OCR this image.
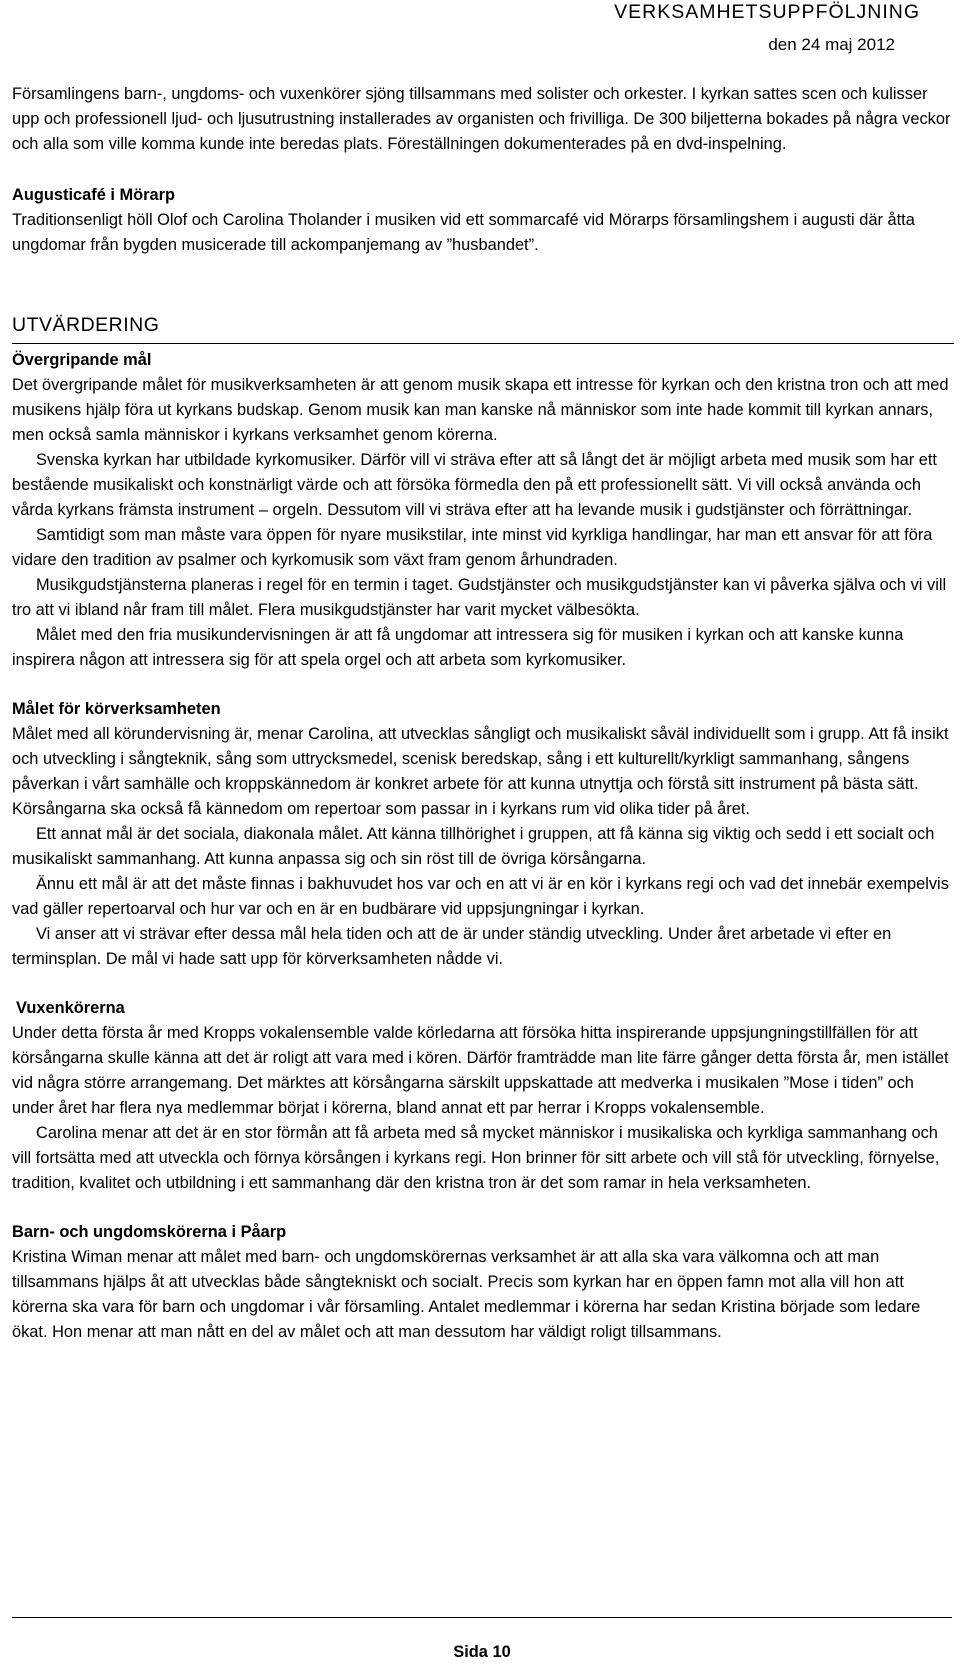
VERKSAMHETSUPPFÖLJNING
den 24 maj 2012

Församlingens barn-, ungdoms- och vuxenkörer sjöng tillsammans med solister och orkester. I kyrkan sattes scen och kulisser upp och professionell ljud- och ljusutrustning installerades av organisten och frivilliga. De 300 biljetterna bokades på några veckor och alla som ville komma kunde inte beredas plats. Föreställningen dokumenterades på en dvd-inspelning.

Augusticafé i Mörarp

Traditionsenligt höll Olof och Carolina Tholander i musiken vid ett sommarcafé vid Mörarps församlingshem i augusti där åtta ungdomar från bygden musicerade till ackompanjemang av ”husbandet”.

UTVÄRDERING

Övergripande mål

Det övergripande målet för musikverksamheten är att genom musik skapa ett intresse för kyrkan och den kristna tron och att med musikens hjälp föra ut kyrkans budskap. Genom musik kan man kanske nå människor som inte hade kommit till kyrkan annars, men också samla människor i kyrkans verksamhet genom körerna.

Svenska kyrkan har utbildade kyrkomusiker. Därför vill vi sträva efter att så långt det är möjligt arbeta med musik som har ett bestående musikaliskt och konstnärligt värde och att försöka förmedla den på ett professionellt sätt. Vi vill också använda och vårda kyrkans främsta instrument – orgeln. Dessutom vill vi sträva efter att ha levande musik i gudstjänster och förrättningar.

Samtidigt som man måste vara öppen för nyare musikstilar, inte minst vid kyrkliga handlingar, har man ett ansvar för att föra vidare den tradition av psalmer och kyrkomusik som växt fram genom århundraden.

Musikgudstjänsterna planeras i regel för en termin i taget. Gudstjänster och musikgudstjänster kan vi påverka själva och vi vill tro att vi ibland når fram till målet. Flera musikgudstjänster har varit mycket välbesökta.

Målet med den fria musikundervisningen är att få ungdomar att intressera sig för musiken i kyrkan och att kanske kunna inspirera någon att intressera sig för att spela orgel och att arbeta som kyrkomusiker.

Målet för körverksamheten

Målet med all körundervisning är, menar Carolina, att utvecklas sångligt och musikaliskt såväl individuellt som i grupp. Att få insikt och utveckling i sångteknik, sång som uttrycksmedel, scenisk beredskap, sång i ett kulturellt/kyrkligt sammanhang, sångens påverkan i vårt samhälle och kroppskännedom är konkret arbete för att kunna utnyttja och förstå sitt instrument på bästa sätt. Körsångarna ska också få kännedom om repertoar som passar in i kyrkans rum vid olika tider på året.

Ett annat mål är det sociala, diakonala målet. Att känna tillhörighet i gruppen, att få känna sig viktig och sedd i ett socialt och musikaliskt sammanhang. Att kunna anpassa sig och sin röst till de övriga körsångarna.

Ännu ett mål är att det måste finnas i bakhuvudet hos var och en att vi är en kör i kyrkans regi och vad det innebär exempelvis vad gäller repertoarval och hur var och en är en budbärare vid uppsjungningar i kyrkan.

Vi anser att vi strävar efter dessa mål hela tiden och att de är under ständig utveckling. Under året arbetade vi efter en terminsplan. De mål vi hade satt upp för körverksamheten nådde vi.

Vuxenkörerna

Under detta första år med Kropps vokalensemble valde körledarna att försöka hitta inspirerande uppsjungningstillfällen för att körsångarna skulle känna att det är roligt att vara med i kören. Därför framträdde man lite färre gånger detta första år, men istället vid några större arrangemang. Det märktes att körsångarna särskilt uppskattade att medverka i musikalen ”Mose i tiden” och under året har flera nya medlemmar börjat i körerna, bland annat ett par herrar i Kropps vokalensemble.

Carolina menar att det är en stor förmån att få arbeta med så mycket människor i musikaliska och kyrkliga sammanhang och vill fortsätta med att utveckla och förnya körsången i kyrkans regi. Hon brinner för sitt arbete och vill stå för utveckling, förnyelse, tradition, kvalitet och utbildning i ett sammanhang där den kristna tron är det som ramar in hela verksamheten.

Barn- och ungdomskörerna i Påarp

Kristina Wiman menar att målet med barn- och ungdomskörernas verksamhet är att alla ska vara välkomna och att man tillsammans hjälps åt att utvecklas både sångtekniskt och socialt. Precis som kyrkan har en öppen famn mot alla vill hon att körerna ska vara för barn och ungdomar i vår församling. Antalet medlemmar i körerna har sedan Kristina började som ledare ökat. Hon menar att man nått en del av målet och att man dessutom har väldigt roligt tillsammans.

Sida 10
